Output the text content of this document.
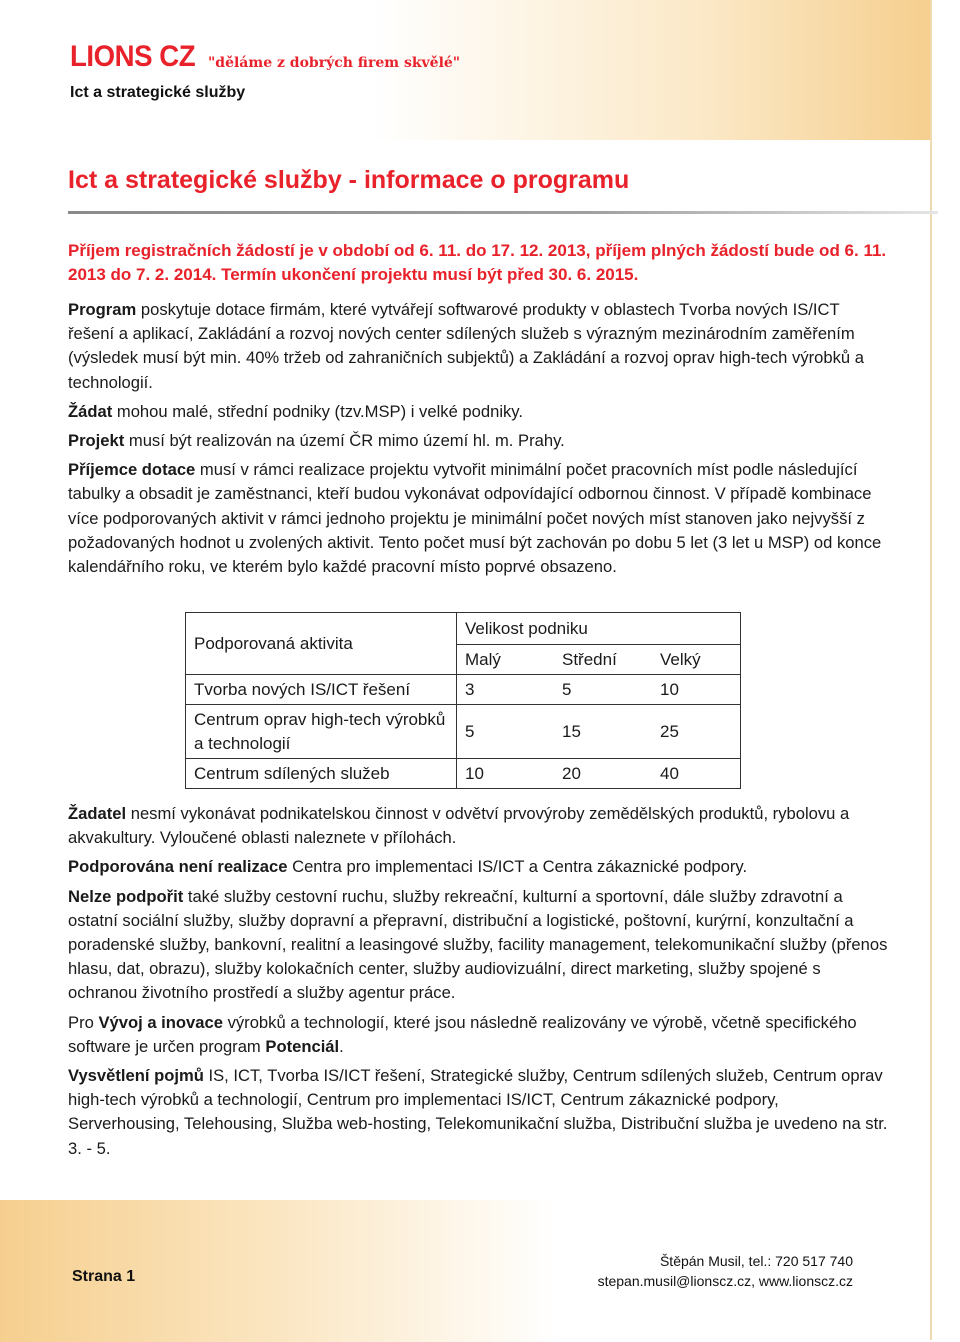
LIONS CZ "děláme z dobrých firem skvělé"
Ict a strategické služby
Ict a strategické služby - informace o programu
Příjem registračních žádostí je v období od 6. 11. do 17. 12. 2013, příjem plných žádostí bude od 6. 11. 2013 do 7. 2. 2014. Termín ukončení projektu musí být před 30. 6. 2015.

Program poskytuje dotace firmám, které vytvářejí softwarové produkty v oblastech Tvorba nových IS/ICT řešení a aplikací, Zakládání a rozvoj nových center sdílených služeb s výrazným mezinárodním zaměřením (výsledek musí být min. 40% tržeb od zahraničních subjektů) a Zakládání a rozvoj oprav high-tech výrobků a technologií.

Žádat mohou malé, střední podniky (tzv.MSP) i velké podniky.

Projekt musí být realizován na území ČR mimo území hl. m. Prahy.

Příjemce dotace musí v rámci realizace projektu vytvořit minimální počet pracovních míst podle následující tabulky a obsadit je zaměstnanci, kteří budou vykonávat odpovídající odbornou činnost. V případě kombinace více podporovaných aktivit v rámci jednoho projektu je minimální počet nových míst stanoven jako nejvyšší z požadovaných hodnot u zvolených aktivit. Tento počet musí být zachován po dobu 5 let (3 let u MSP) od konce kalendářního roku, ve kterém bylo každé pracovní místo poprvé obsazeno.

Podporovaná aktivita	Velikost podniku		
	Malý	Střední	Velký
Tvorba nových IS/ICT řešení	3	5	10
Centrum oprav high-tech výrobků a technologií	5	15	25
Centrum sdílených služeb	10	20	40

Žadatel nesmí vykonávat podnikatelskou činnost v odvětví prvovýroby zemědělských produktů, rybolovu a akvakultury. Vyloučené oblasti naleznete v přílohách.

Podporována není realizace Centra pro implementaci IS/ICT a Centra zákaznické podpory.

Nelze podpořit také služby cestovní ruchu, služby rekreační, kulturní a sportovní, dále služby zdravotní a ostatní sociální služby, služby dopravní a přepravní, distribuční a logistické, poštovní, kurýrní, konzultační a poradenské služby, bankovní, realitní a leasingové služby, facility management, telekomunikační služby (přenos hlasu, dat, obrazu), služby kolokačních center, služby audiovizuální, direct marketing, služby spojené s ochranou životního prostředí a služby agentur práce.

Pro Vývoj a inovace výrobků a technologií, které jsou následně realizovány ve výrobě, včetně specifického software je určen program Potenciál.

Vysvětlení pojmů IS, ICT, Tvorba IS/ICT řešení, Strategické služby, Centrum sdílených služeb, Centrum oprav high-tech výrobků a technologií, Centrum pro implementaci IS/ICT, Centrum zákaznické podpory, Serverhousing, Telehousing, Služba web-hosting, Telekomunikační služba, Distribuční služba je uvedeno na str. 3. - 5.

Strana 1
Štěpán Musil, tel.: 720 517 740
stepan.musil@lionscz.cz, www.lionscz.cz
